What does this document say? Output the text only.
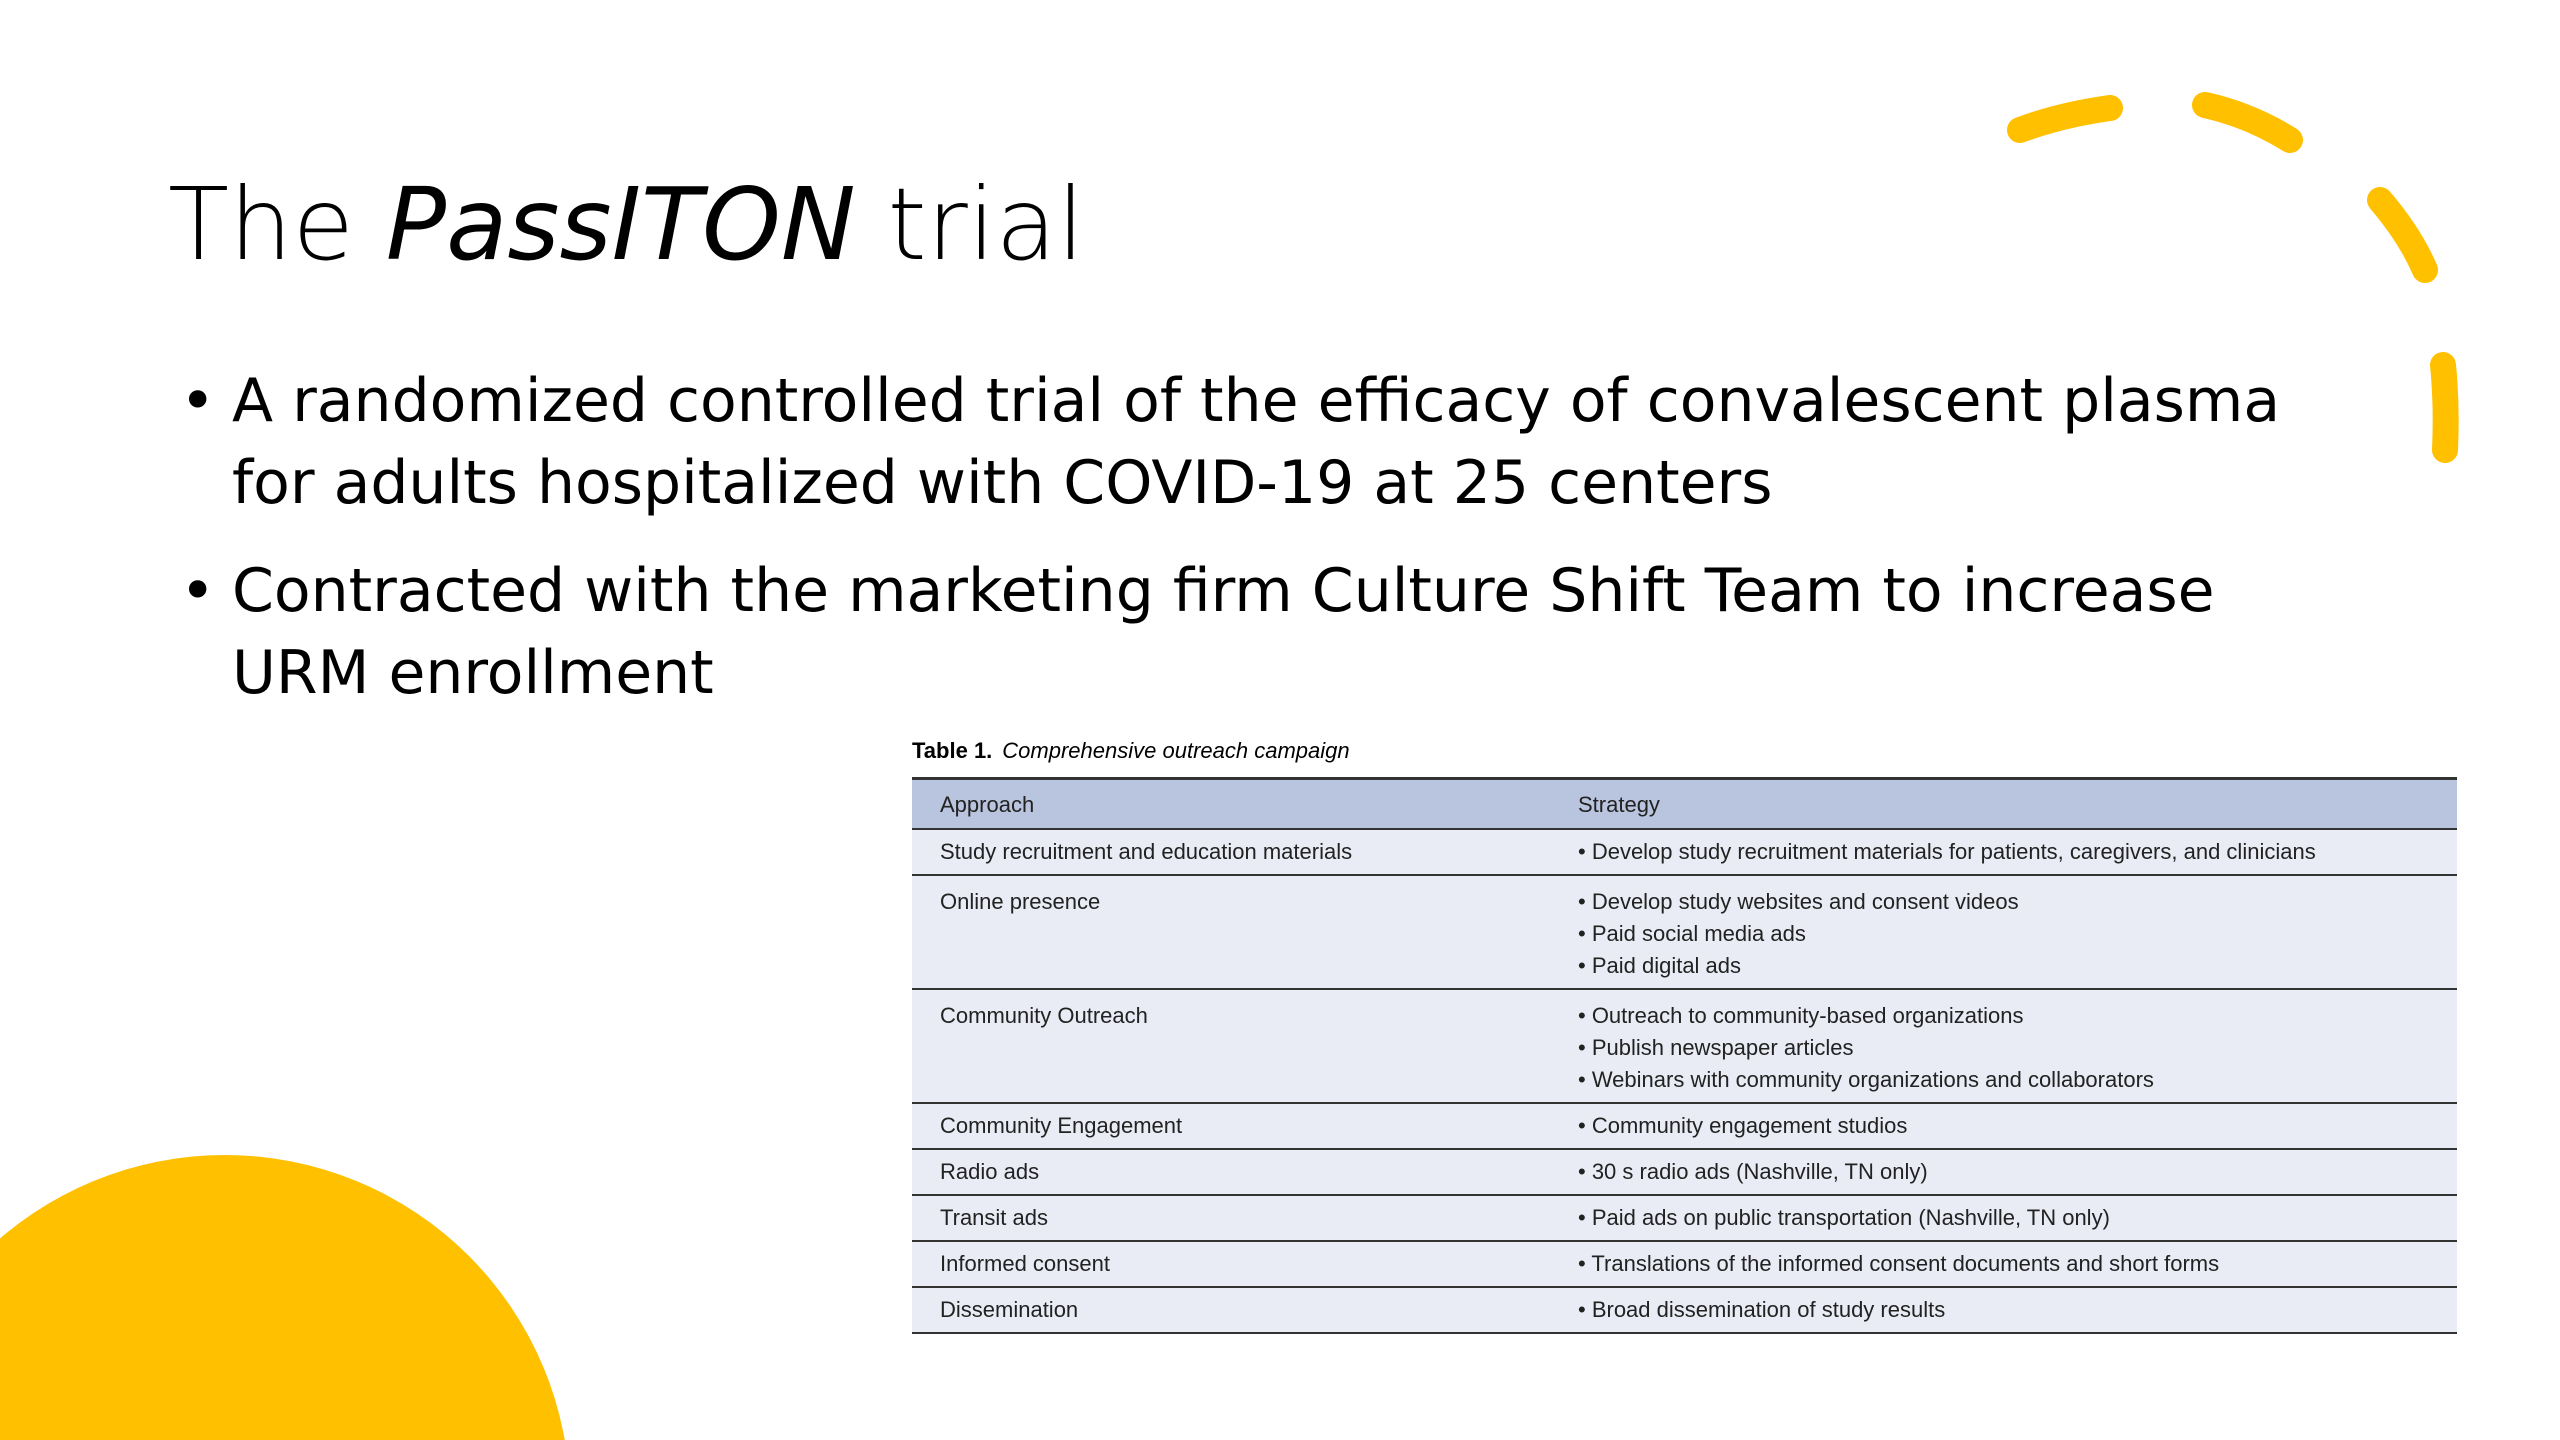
The PassITON trial
• A randomized controlled trial of the efficacy of convalescent plasma for adults hospitalized with COVID-19 at 25 centers
• Contracted with the marketing firm Culture Shift Team to increase URM enrollment
Table 1. Comprehensive outreach campaign
Approach	Strategy
Study recruitment and education materials	• Develop study recruitment materials for patients, caregivers, and clinicians

Online presence	• Develop study websites and consent videos
• Paid social media ads
• Paid digital ads

Community Outreach	• Outreach to community-based organizations
• Publish newspaper articles
• Webinars with community organizations and collaborators

Community Engagement	• Community engagement studios

Radio ads	• 30 s radio ads (Nashville, TN only)

Transit ads	• Paid ads on public transportation (Nashville, TN only)

Informed consent	• Translations of the informed consent documents and short forms

Dissemination	• Broad dissemination of study results
